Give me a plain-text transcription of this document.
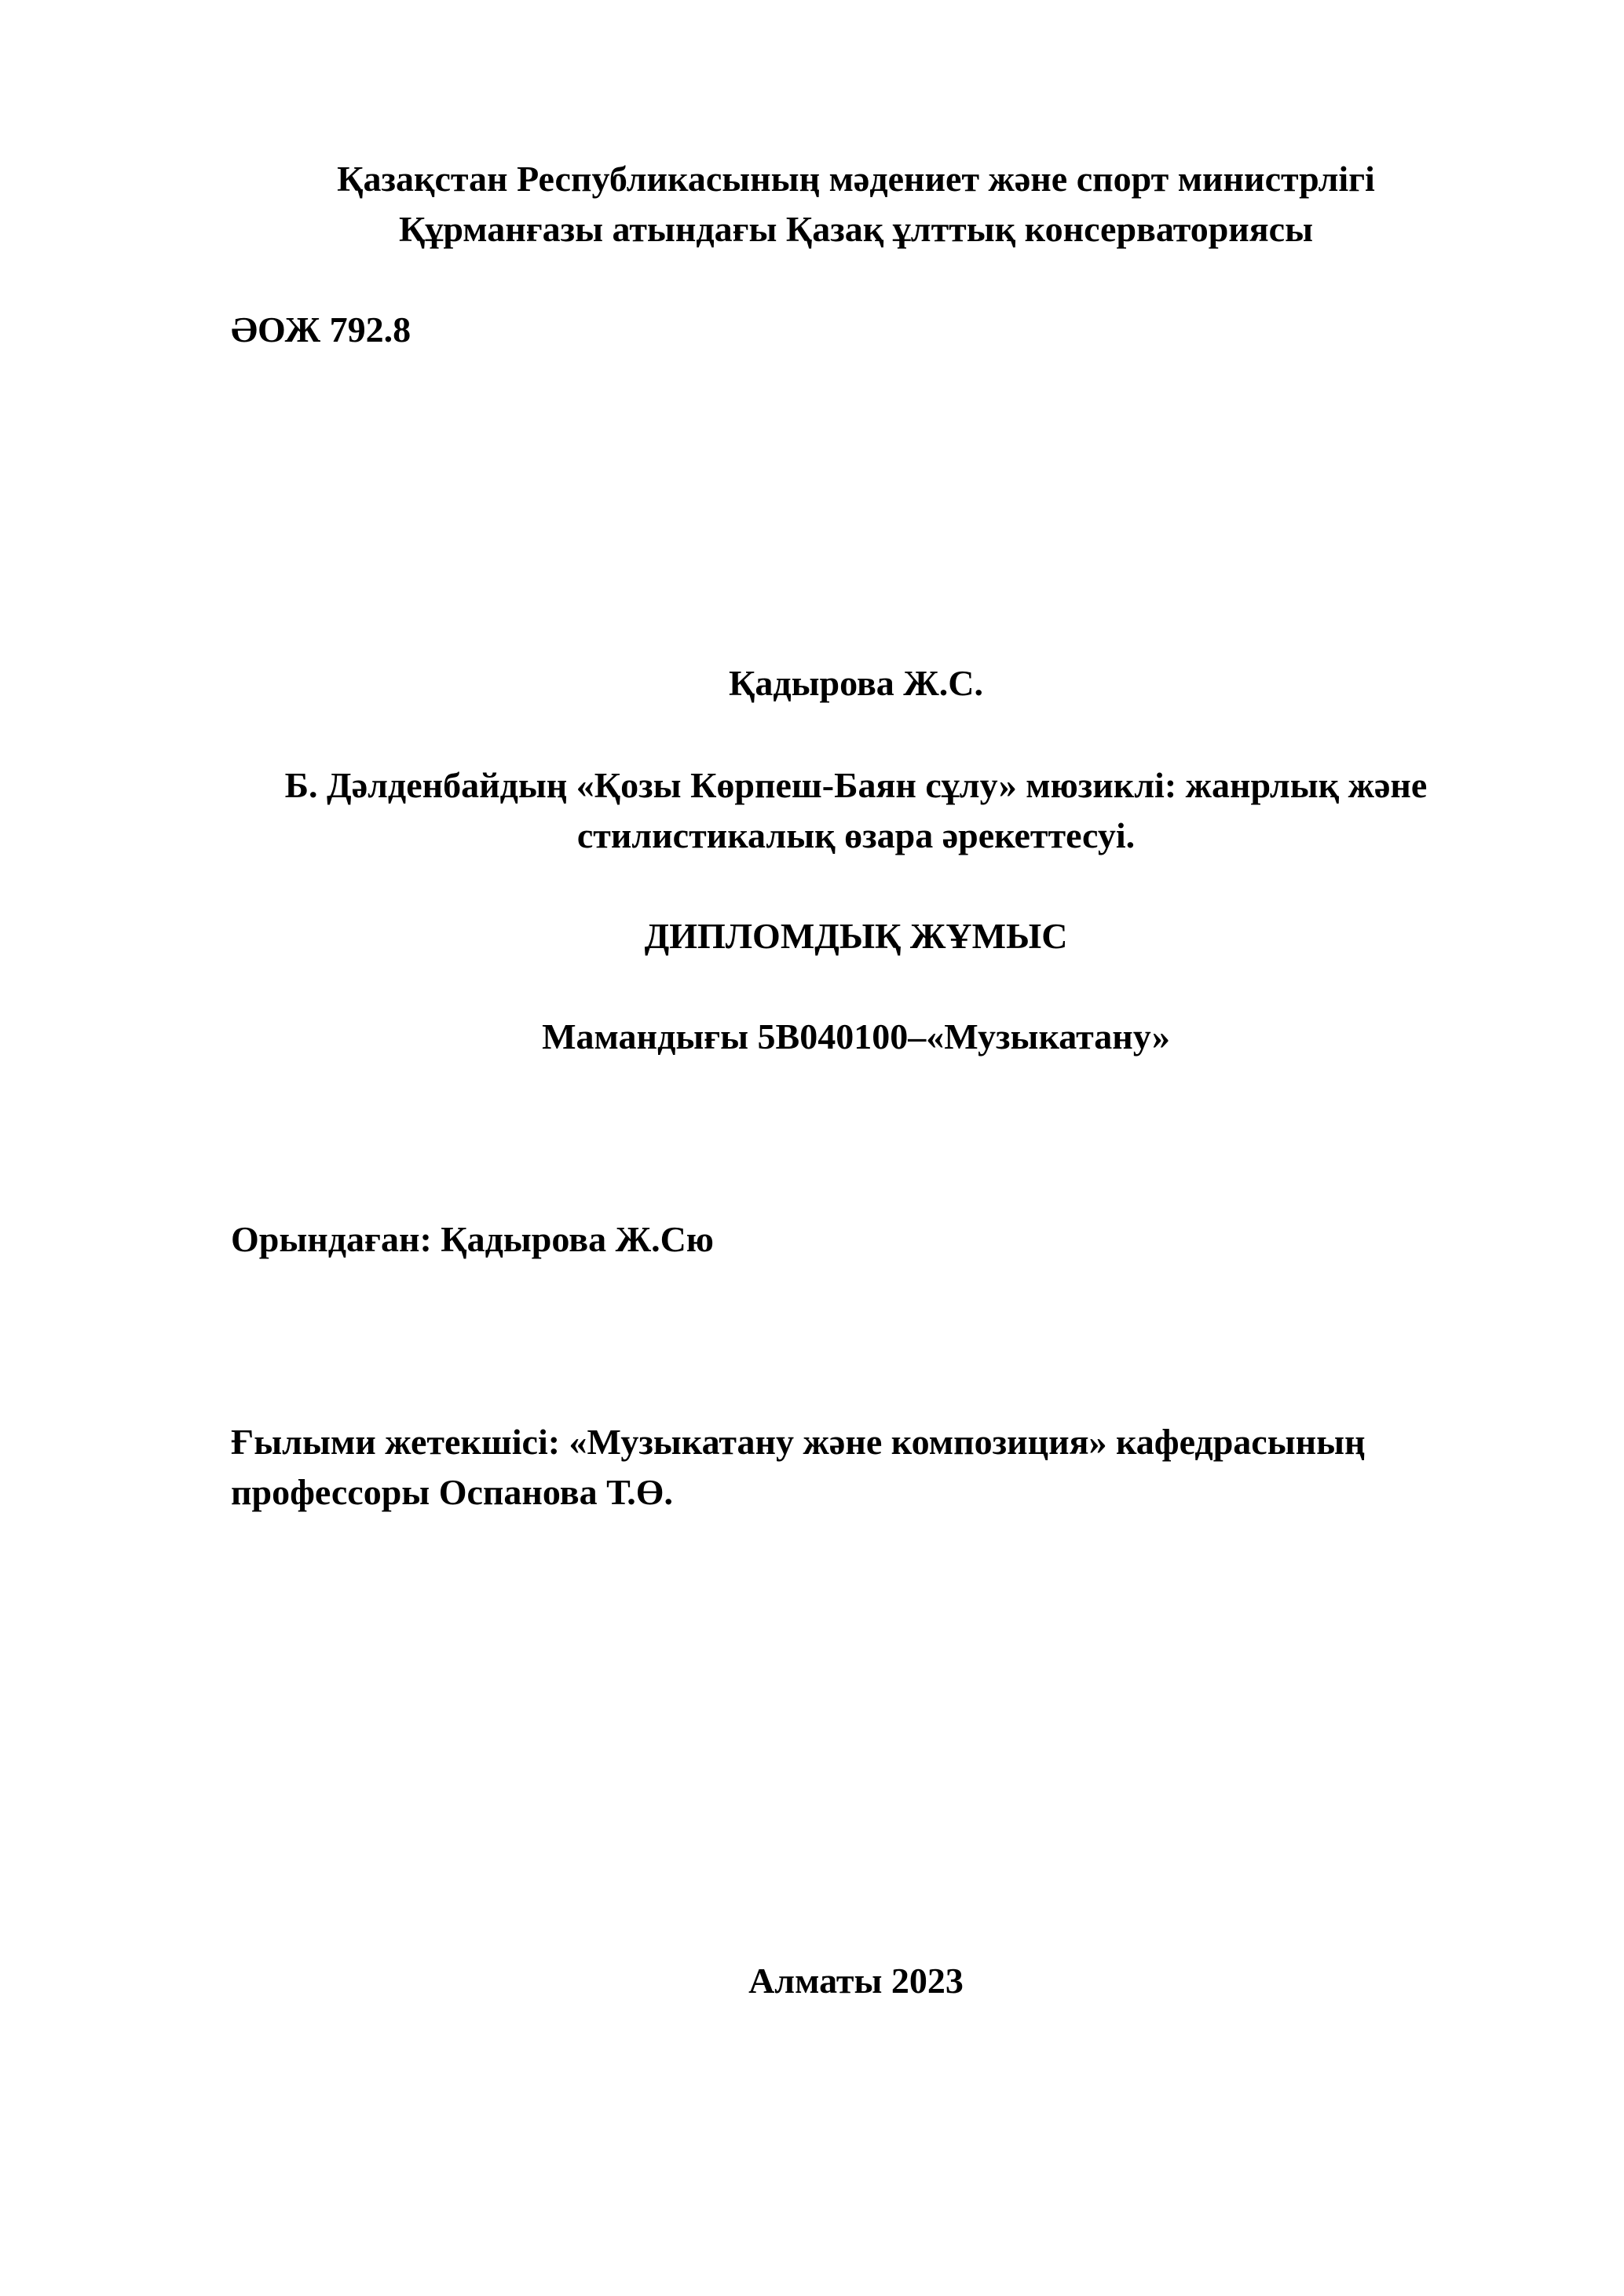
Қазақстан Республикасының мәдениет және спорт министрлігі
Құрманғазы атындағы Қазақ ұлттық консерваториясы
ӘОЖ 792.8
Қадырова Ж.С.
Б. Дәлденбайдың «Қозы Көрпеш-Баян сұлу» мюзиклі: жанрлық және
стилистикалық өзара әрекеттесуі.
ДИПЛОМДЫҚ ЖҰМЫС
Мамандығы 5В040100–«Музыкатану»
Орындаған: Қадырова Ж.Сю
Ғылыми жетекшісі: «Музыкатану және композиция» кафедрасының
профессоры Оспанова Т.Ө.
Алматы 2023
